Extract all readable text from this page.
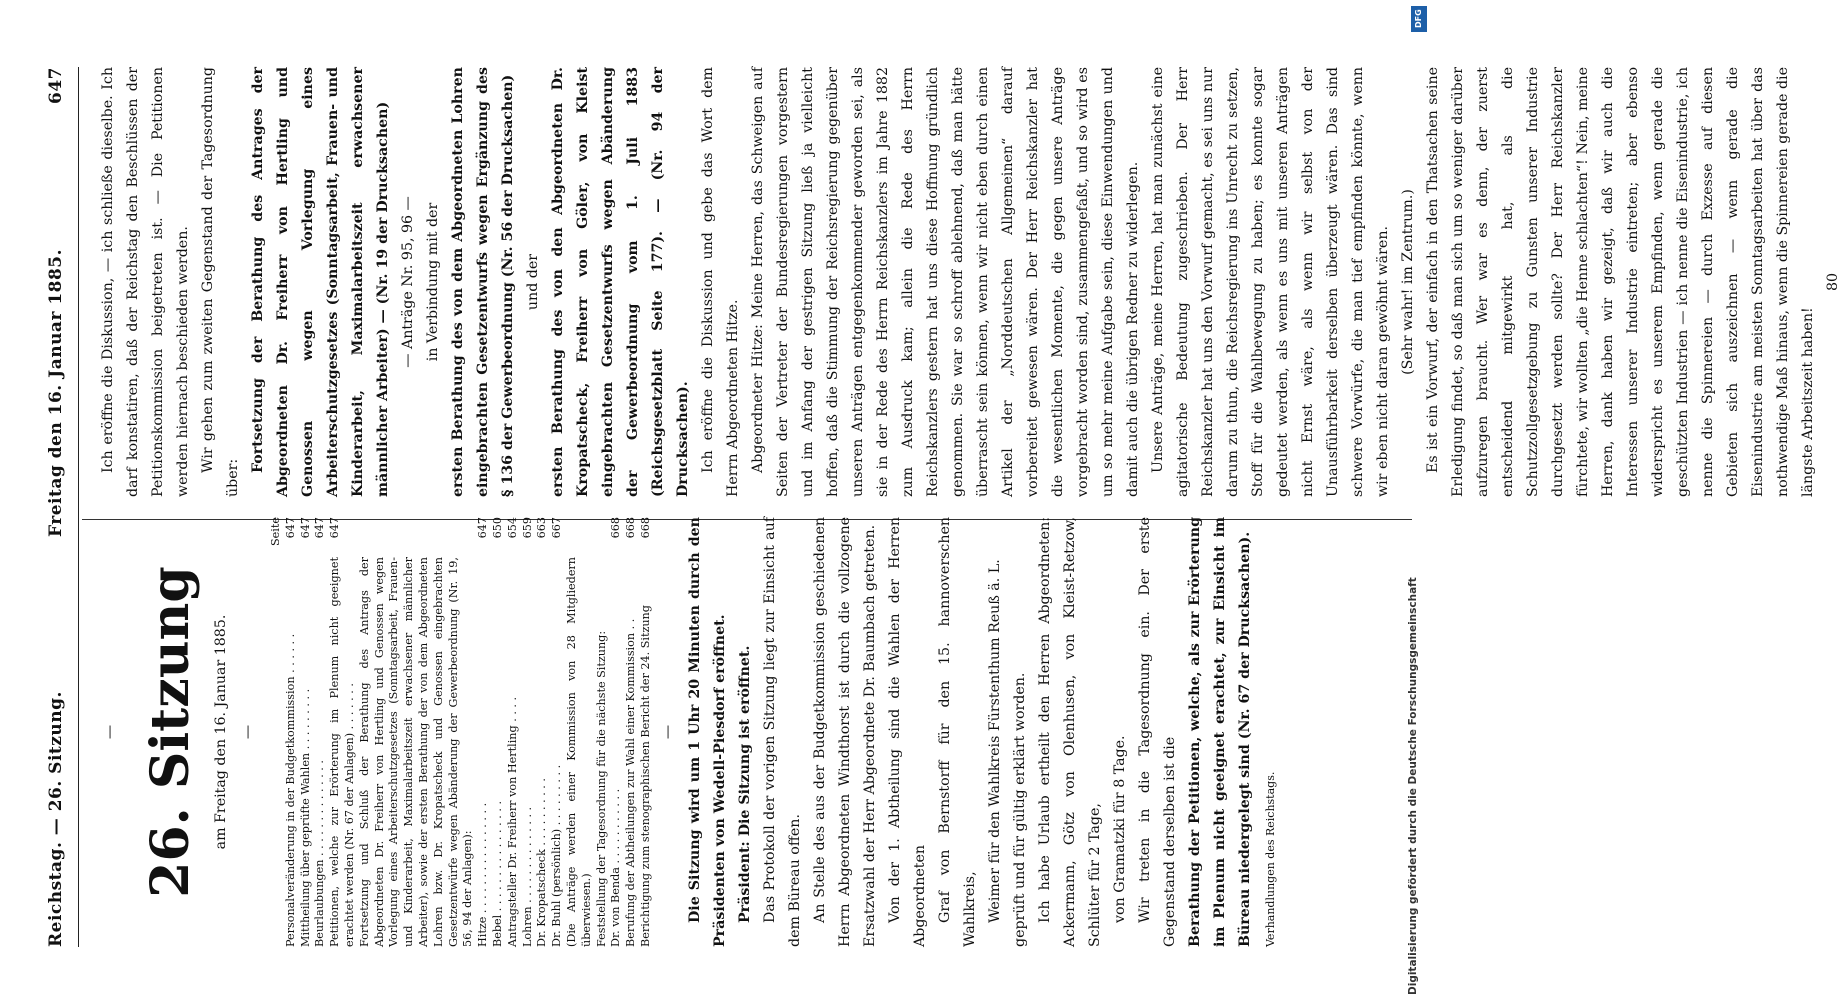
Reichstag. — 26. Sitzung.
Freitag den 16. Januar 1885.
647

— 26. Sitzung am Freitag den 16. Januar 1885. —

Seite
Personalveränderung in der Budgetkommission . . . . . .
647
Mittheilung über geprüfte Wahlen . . . . . . . . .
647
Beurlaubungen . . . . . . . . . . . . . .
647
Petitionen, welche zur Erörterung im Plenum nicht geeignet erachtet werden (Nr. 67 der Anlagen) . . . . . . .
647
Fortsetzung und Schluß der Berathung des Antrags der Abgeordneten Dr. Freiherr von Hertling und Genossen wegen Vorlegung eines Arbeiterschutzgesetzes (Sonntagsarbeit, Frauen- und Kinderarbeit, Maximalarbeitszeit erwachsener männlicher Arbeiter), sowie der ersten Berathung der von dem Abgeordneten Lohren bzw. Dr. Kropatscheck und Genossen eingebrachten Gesetzentwürfe wegen Abänderung der Gewerbeordnung (Nr. 19, 56, 94 der Anlagen): Hitze . . . . . . . . . . . . . . . .
647
Bebel . . . . . . . . . . . . . . . .
650
Antragsteller Dr. Freiherr von Hertling . . . .
654
Lohren . . . . . . . . . . . . . .
659
Dr. Kropatscheck . . . . . . . . . .
663
Dr. Buhl (persönlich) . . . . . . . . .
667
(Die Anträge werden einer Kommission von 28 Mitgliedern überwiesen.) Feststellung der Tagesordnung für die nächste Sitzung: Dr. von Benda . . . . . . . . . . .
668
Berufung der Abtheilungen zur Wahl einer Kommission . .
668
Berichtigung zum stenographischen Bericht der 24. Sitzung
668

— Die Sitzung wird um 1 Uhr 20 Minuten durch den Präsidenten von Wedell-Piesdorf eröffnet. Präsident: Die Sitzung ist eröffnet. Das Protokoll der vorigen Sitzung liegt zur Einsicht auf dem Büreau offen. An Stelle des aus der Budgetkommission geschiedenen Herrn Abgeordneten Windthorst ist durch die vollzogene Ersatzwahl der Herr Abgeordnete Dr. Baumbach getreten. Von der 1. Abtheilung sind die Wahlen der Herren Abgeordneten Graf von Bernstorff für den 15. hannoverschen Wahlkreis, Weimer für den Wahlkreis Fürstenthum Reuß ä. L. geprüft und für gültig erklärt worden. Ich habe Urlaub ertheilt den Herren Abgeordneten: Ackermann, Götz von Olenhusen, von Kleist-Retzow, Schlüter für 2 Tage, von Gramatzki für 8 Tage. Wir treten in die Tagesordnung ein. Der erste Gegenstand derselben ist die Berathung der Petitionen, welche, als zur Erörterung im Plenum nicht geeignet erachtet, zur Einsicht im Büreau niedergelegt sind (Nr. 67 der Drucksachen).	Verhandlungen des Reichstags.

Ich eröffne die Diskussion, — ich schließe dieselbe. Ich darf konstatiren, daß der Reichstag den Beschlüssen der Petitionskommission beigetreten ist. — Die Petitionen werden hiernach beschieden werden. Wir gehen zum zweiten Gegenstand der Tagesordnung über:

Fortsetzung der Berathung des Antrages der Abgeordneten Dr. Freiherr von Hertling und Genossen wegen Vorlegung eines Arbeiterschutzgesetzes (Sonntagsarbeit, Frauen- und Kinderarbeit, Maximalarbeitszeit erwachsener männlicher Arbeiter) — (Nr. 19 der Drucksachen) — Anträge Nr. 95, 96 — in Verbindung mit der ersten Berathung des von dem Abgeordneten Lohren eingebrachten Gesetzentwurfs wegen Ergänzung des § 136 der Gewerbeordnung (Nr. 56 der Drucksachen) und der ersten Berathung des von den Abgeordneten Dr. Kropatscheck, Freiherr von Göler, von Kleist eingebrachten Gesetzentwurfs wegen Abänderung der Gewerbeordnung vom 1. Juli 1883 (Reichsgesetzblatt Seite 177). — (Nr. 94 der Drucksachen). Ich eröffne die Diskussion und gebe das Wort dem Herrn Abgeordneten Hitze. Abgeordneter Hitze: Meine Herren, das Schweigen auf Seiten der Vertreter der Bundesregierungen vorgestern und im Anfang der gestrigen Sitzung ließ ja vielleicht hoffen, daß die Stimmung der Reichsregierung gegenüber unseren Anträgen entgegenkommender geworden sei, als sie in der Rede des Herrn Reichskanzlers im Jahre 1882 zum Ausdruck kam; allein die Rede des Herrn Reichskanzlers gestern hat uns diese Hoffnung gründlich genommen. Sie war so schroff ablehnend, daß man hätte überrascht sein können, wenn wir nicht eben durch einen Artikel der „Norddeutschen Allgemeinen“ darauf vorbereitet gewesen wären. Der Herr Reichskanzler hat die wesentlichen Momente, die gegen unsere Anträge vorgebracht worden sind, zusammengefaßt, und so wird es um so mehr meine Aufgabe sein, diese Einwendungen und damit auch die übrigen Redner zu widerlegen. Unsere Anträge, meine Herren, hat man zunächst eine agitatorische Bedeutung zugeschrieben. Der Herr Reichskanzler hat uns den Vorwurf gemacht, es sei uns nur darum zu thun, die Reichsregierung ins Unrecht zu setzen, Stoff für die Wahlbewegung zu haben; es konnte sogar gedeutet werden, als wenn es uns mit unseren Anträgen nicht Ernst wäre, als wenn wir selbst von der Unausführbarkeit derselben überzeugt wären. Das sind schwere Vorwürfe, die man tief empfinden könnte, wenn wir eben nicht daran gewöhnt wären. (Sehr wahr! im Zentrum.) Es ist ein Vorwurf, der einfach in den Thatsachen seine Erledigung findet, so daß man sich um so weniger darüber aufzuregen braucht. Wer war es denn, der zuerst entscheidend mitgewirkt hat, als die Schutzzollgesetzgebung zu Gunsten unserer Industrie durchgesetzt werden sollte? Der Herr Reichskanzler fürchtete, wir wollten „die Henne schlachten“! Nein, meine Herren, dank haben wir gezeigt, daß wir auch die Interessen unserer Industrie eintreten; aber ebenso widerspricht es unserem Empfinden, wenn gerade die geschützten Industrien — ich nenne die Eisenindustrie, ich nenne die Spinnereien — durch Exzesse auf diesen Gebieten sich auszeichnen — wenn gerade die Eisenindustrie am meisten Sonntagsarbeiten hat über das nothwendige Maß hinaus, wenn die Spinnereien gerade die längste Arbeitszeit haben!

80

DFG
Digitalisierung gefördert durch die Deutsche Forschungsgemeinschaft
